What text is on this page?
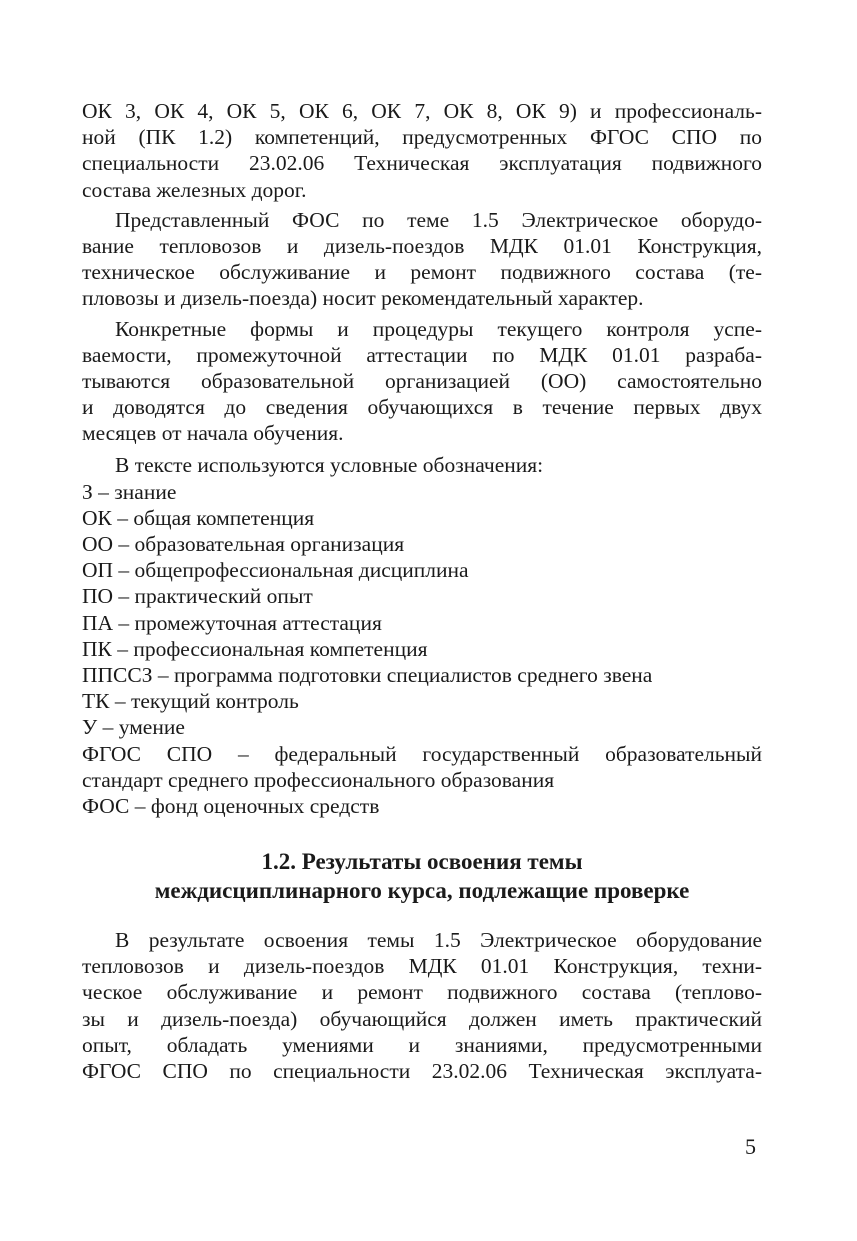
ОК 3, ОК 4, ОК 5, ОК 6, ОК 7, ОК 8, ОК 9) и профессиональ-
ной (ПК 1.2) компетенций, предусмотренных ФГОС СПО по
специальности 23.02.06 Техническая эксплуатация подвижного
состава железных дорог.
Представленный ФОС по теме 1.5 Электрическое оборудо-
вание тепловозов и дизель-поездов МДК 01.01 Конструкция,
техническое обслуживание и ремонт подвижного состава (те-
пловозы и дизель-поезда) носит рекомендательный характер.
Конкретные формы и процедуры текущего контроля успе-
ваемости, промежуточной аттестации по МДК 01.01 разраба-
тываются образовательной организацией (ОО) самостоятельно
и доводятся до сведения обучающихся в течение первых двух
месяцев от начала обучения.
В тексте используются условные обозначения:
З – знание
ОК – общая компетенция
ОО – образовательная организация
ОП – общепрофессиональная дисциплина
ПО – практический опыт
ПА – промежуточная аттестация
ПК – профессиональная компетенция
ППССЗ – программа подготовки специалистов среднего звена
ТК – текущий контроль
У – умение
ФГОС СПО – федеральный государственный образовательный
стандарт среднего профессионального образования
ФОС – фонд оценочных средств
1.2. Результаты освоения темы
междисциплинарного курса, подлежащие проверке
В результате освоения темы 1.5 Электрическое оборудование
тепловозов и дизель-поездов МДК 01.01 Конструкция, техни-
ческое обслуживание и ремонт подвижного состава (теплово-
зы и дизель-поезда) обучающийся должен иметь практический
опыт, обладать умениями и знаниями, предусмотренными
ФГОС СПО по специальности 23.02.06 Техническая эксплуата-
5
